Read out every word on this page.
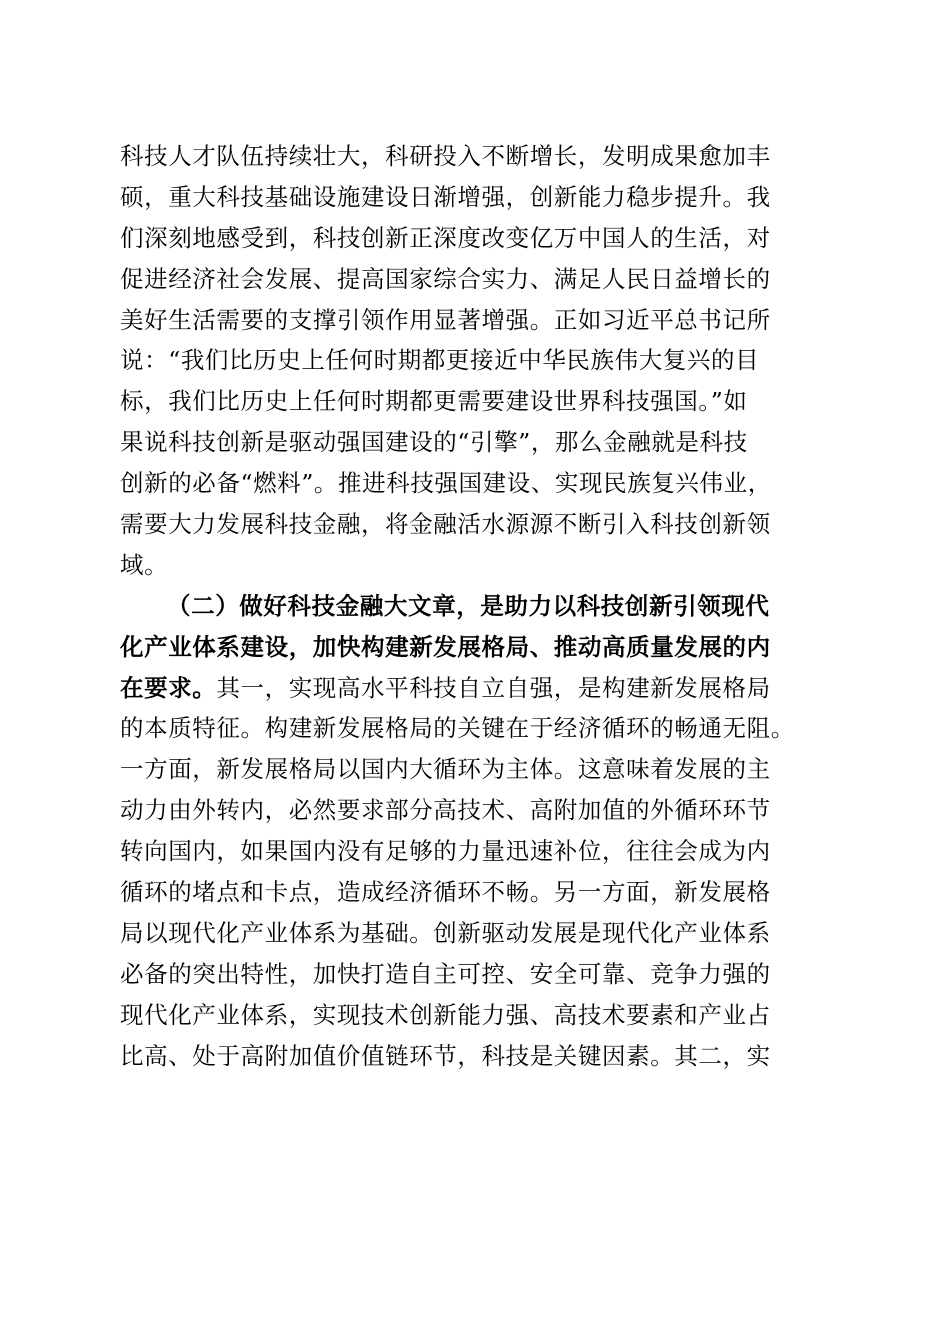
科技人才队伍持续壮大，科研投入不断增长，发明成果愈加丰
硕，重大科技基础设施建设日渐增强，创新能力稳步提升。我
们深刻地感受到，科技创新正深度改变亿万中国人的生活，对
促进经济社会发展、提高国家综合实力、满足人民日益增长的
美好生活需要的支撑引领作用显著增强。正如习近平总书记所
说：“我们比历史上任何时期都更接近中华民族伟大复兴的目
标，我们比历史上任何时期都更需要建设世界科技强国。”如
果说科技创新是驱动强国建设的“引擎”，那么金融就是科技
创新的必备“燃料”。推进科技强国建设、实现民族复兴伟业，
需要大力发展科技金融，将金融活水源源不断引入科技创新领
域。
（二）做好科技金融大文章，是助力以科技创新引领现代
化产业体系建设，加快构建新发展格局、推动高质量发展的内
在要求。其一，实现高水平科技自立自强，是构建新发展格局
的本质特征。构建新发展格局的关键在于经济循环的畅通无阻。
一方面，新发展格局以国内大循环为主体。这意味着发展的主
动力由外转内，必然要求部分高技术、高附加值的外循环环节
转向国内，如果国内没有足够的力量迅速补位，往往会成为内
循环的堵点和卡点，造成经济循环不畅。另一方面，新发展格
局以现代化产业体系为基础。创新驱动发展是现代化产业体系
必备的突出特性，加快打造自主可控、安全可靠、竞争力强的
现代化产业体系，实现技术创新能力强、高技术要素和产业占
比高、处于高附加值价值链环节，科技是关键因素。其二，实
